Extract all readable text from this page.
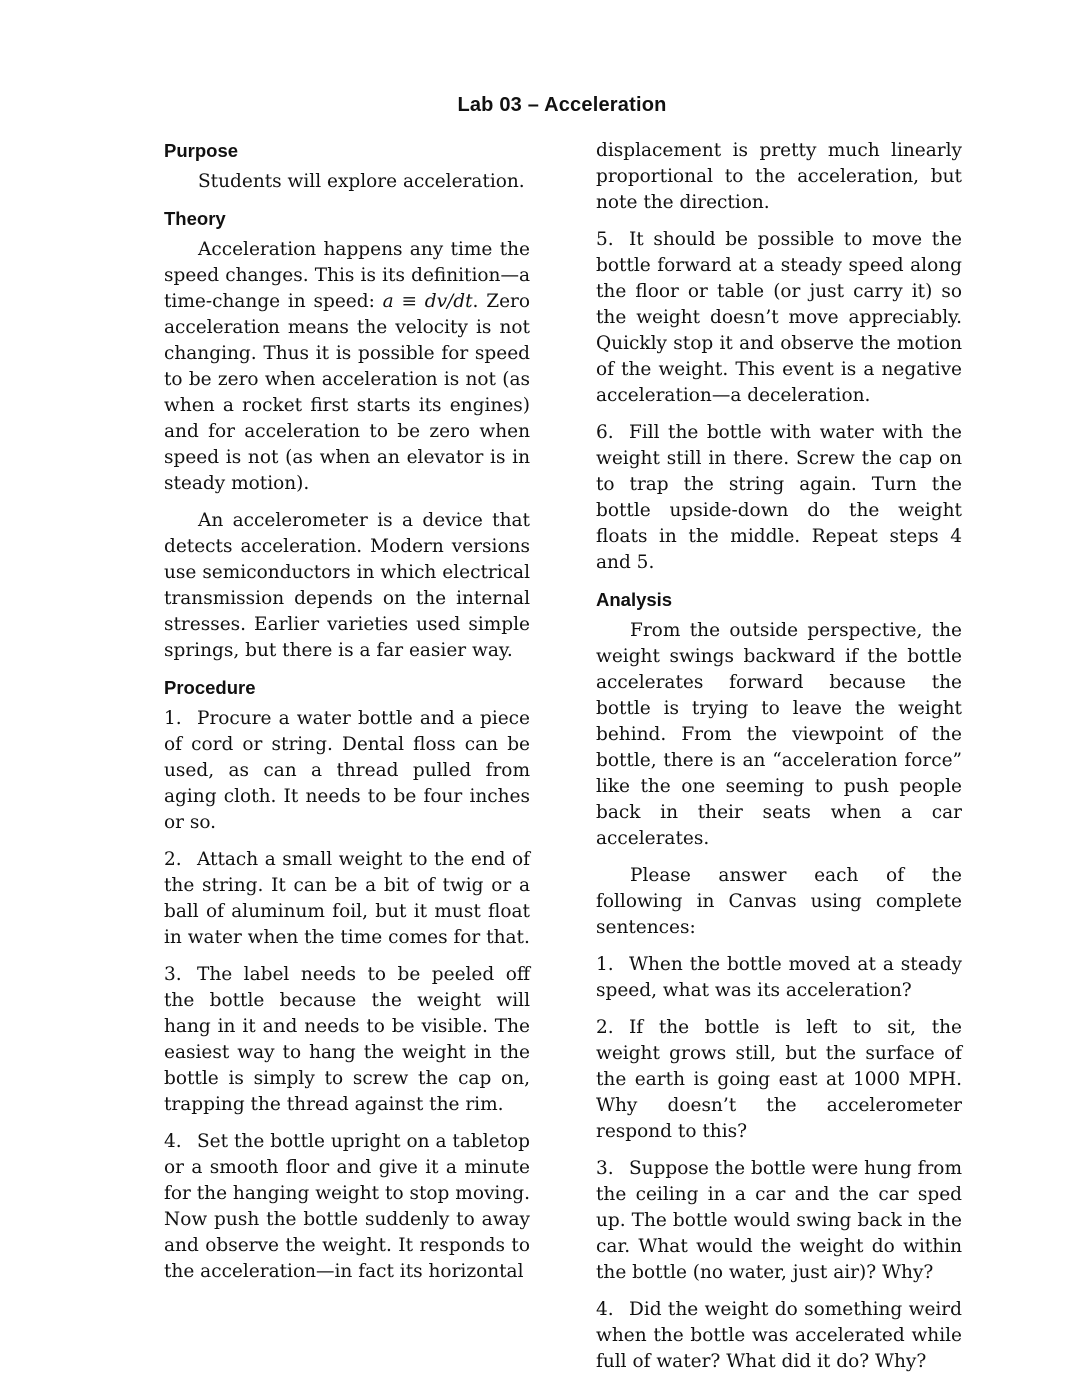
Lab 03 – Acceleration
Purpose

Students will explore acceleration.

Theory

Acceleration happens any time the speed changes. This is its definition—a time-change in speed: a ≡ dv/dt. Zero acceleration means the velocity is not changing. Thus it is possible for speed to be zero when acceleration is not (as when a rocket first starts its engines) and for acceleration to be zero when speed is not (as when an elevator is in steady motion).

An accelerometer is a device that detects acceleration. Modern versions use semiconductors in which electrical transmission depends on the internal stresses. Earlier varieties used simple springs, but there is a far easier way.

Procedure

1. Procure a water bottle and a piece of cord or string. Dental floss can be used, as can a thread pulled from aging cloth. It needs to be four inches or so.

2. Attach a small weight to the end of the string. It can be a bit of twig or a ball of aluminum foil, but it must float in water when the time comes for that.

3. The label needs to be peeled off the bottle because the weight will hang in it and needs to be visible. The easiest way to hang the weight in the bottle is simply to screw the cap on, trapping the thread against the rim.

4. Set the bottle upright on a tabletop or a smooth floor and give it a minute for the hanging weight to stop moving. Now push the bottle suddenly to away and observe the weight. It responds to the acceleration—in fact its horizontal

displacement is pretty much linearly proportional to the acceleration, but note the direction.

5. It should be possible to move the bottle forward at a steady speed along the floor or table (or just carry it) so the weight doesn’t move appreciably. Quickly stop it and observe the motion of the weight. This event is a negative acceleration—a deceleration.

6. Fill the bottle with water with the weight still in there. Screw the cap on to trap the string again. Turn the bottle upside-down do the weight floats in the middle. Repeat steps 4 and 5.

Analysis

From the outside perspective, the weight swings backward if the bottle accelerates forward because the bottle is trying to leave the weight behind. From the viewpoint of the bottle, there is an “acceleration force” like the one seeming to push people back in their seats when a car accelerates.

Please answer each of the following in Canvas using complete sentences:

1. When the bottle moved at a steady speed, what was its acceleration?

2. If the bottle is left to sit, the weight grows still, but the surface of the earth is going east at 1000 MPH. Why doesn’t the accelerometer respond to this?

3. Suppose the bottle were hung from the ceiling in a car and the car sped up. The bottle would swing back in the car. What would the weight do within the bottle (no water, just air)? Why?

4. Did the weight do something weird when the bottle was accelerated while full of water? What did it do? Why?
